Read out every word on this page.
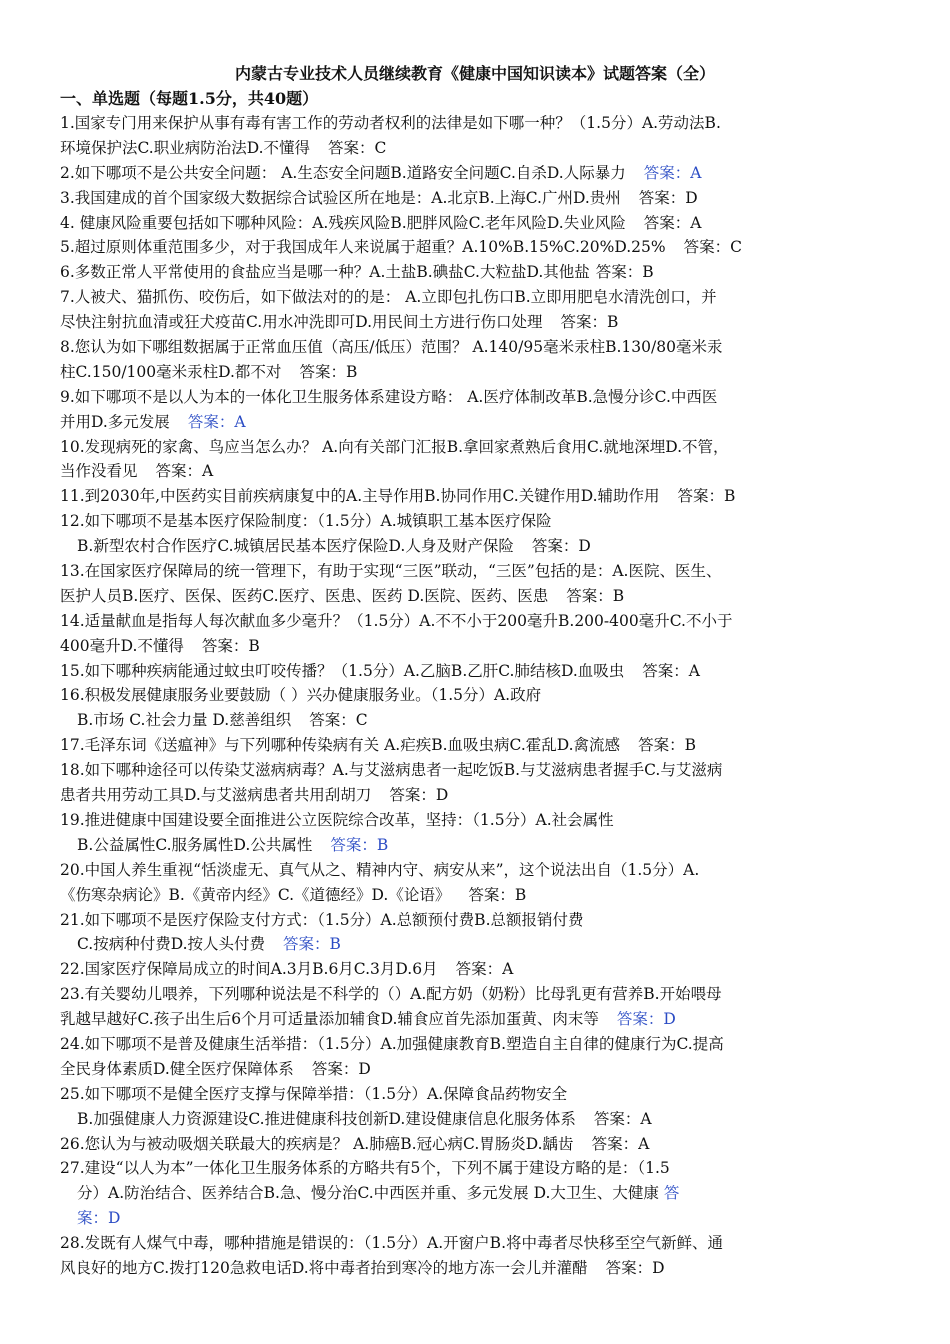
内蒙古专业技术人员继续教育《健康中国知识读本》试题答案（全）
一、单选题（每题1.5分，共40题）
1.国家专门用来保护从事有毒有害工作的劳动者权利的法律是如下哪一种？（1.5分）A.劳动法B.
环境保护法C.职业病防治法D.不懂得 答案：C
2.如下哪项不是公共安全问题： A.生态安全问题B.道路安全问题C.自杀D.人际暴力 答案：A
3.我国建成的首个国家级大数据综合试验区所在地是：A.北京B.上海C.广州D.贵州 答案：D
4. 健康风险重要包括如下哪种风险：A.残疾风险B.肥胖风险C.老年风险D.失业风险 答案：A
5.超过原则体重范围多少，对于我国成年人来说属于超重？A.10%B.15%C.20%D.25% 答案：C
6.多数正常人平常使用的食盐应当是哪一种？A.土盐B.碘盐C.大粒盐D.其他盐 答案：B
7.人被犬、猫抓伤、咬伤后，如下做法对的的是： A.立即包扎伤口B.立即用肥皂水清洗创口，并
尽快注射抗血清或狂犬疫苗C.用水冲洗即可D.用民间土方进行伤口处理 答案：B
8.您认为如下哪组数据属于正常血压值（高压/低压）范围？ A.140/95毫米汞柱B.130/80毫米汞
柱C.150/100毫米汞柱D.都不对 答案：B
9.如下哪项不是以人为本的一体化卫生服务体系建设方略： A.医疗体制改革B.急慢分诊C.中西医
并用D.多元发展 答案：A
10.发现病死的家禽、鸟应当怎么办？ A.向有关部门汇报B.拿回家煮熟后食用C.就地深埋D.不管，
当作没看见 答案：A
11.到2030年,中医药实目前疾病康复中的A.主导作用B.协同作用C.关键作用D.辅助作用 答案：B
12.如下哪项不是基本医疗保险制度：（1.5分）A.城镇职工基本医疗保险
B.新型农村合作医疗C.城镇居民基本医疗保险D.人身及财产保险 答案：D
13.在国家医疗保障局的统一管理下，有助于实现“三医”联动，“三医”包括的是：A.医院、医生、
医护人员B.医疗、医保、医药C.医疗、医患、医药 D.医院、医药、医患 答案：B
14.适量献血是指每人每次献血多少毫升？（1.5分）A.不不小于200毫升B.200-400毫升C.不小于
400毫升D.不懂得 答案：B
15.如下哪种疾病能通过蚊虫叮咬传播？（1.5分）A.乙脑B.乙肝C.肺结核D.血吸虫 答案：A
16.积极发展健康服务业要鼓励（ ）兴办健康服务业。（1.5分）A.政府
B.市场 C.社会力量 D.慈善组织 答案：C
17.毛泽东词《送瘟神》与下列哪种传染病有关 A.疟疾B.血吸虫病C.霍乱D.禽流感 答案：B
18.如下哪种途径可以传染艾滋病病毒？A.与艾滋病患者一起吃饭B.与艾滋病患者握手C.与艾滋病
患者共用劳动工具D.与艾滋病患者共用刮胡刀 答案：D
19.推进健康中国建设要全面推进公立医院综合改革，坚持：（1.5分）A.社会属性
B.公益属性C.服务属性D.公共属性 答案：B
20.中国人养生重视“恬淡虚无、真气从之、精神内守、病安从来”，这个说法出自（1.5分）A.
《伤寒杂病论》B.《黄帝内经》C.《道德经》D.《论语》 答案：B
21.如下哪项不是医疗保险支付方式：（1.5分）A.总额预付费B.总额报销付费
C.按病种付费D.按人头付费 答案：B
22.国家医疗保障局成立的时间A.3月B.6月C.3月D.6月 答案：A
23.有关婴幼儿喂养，下列哪种说法是不科学的（）A.配方奶（奶粉）比母乳更有营养B.开始喂母
乳越早越好C.孩子出生后6个月可适量添加辅食D.辅食应首先添加蛋黄、肉末等 答案：D
24.如下哪项不是普及健康生活举措：（1.5分）A.加强健康教育B.塑造自主自律的健康行为C.提高
全民身体素质D.健全医疗保障体系 答案：D
25.如下哪项不是健全医疗支撑与保障举措：（1.5分）A.保障食品药物安全
B.加强健康人力资源建设C.推进健康科技创新D.建设健康信息化服务体系 答案：A
26.您认为与被动吸烟关联最大的疾病是？ A.肺癌B.冠心病C.胃肠炎D.龋齿 答案：A
27.建设“以人为本”一体化卫生服务体系的方略共有5个，下列不属于建设方略的是：（1.5
分）A.防治结合、医养结合B.急、慢分治C.中西医并重、多元发展 D.大卫生、大健康 答
案：D
28.发既有人煤气中毒，哪种措施是错误的：（1.5分）A.开窗户B.将中毒者尽快移至空气新鲜、通
风良好的地方C.拨打120急救电话D.将中毒者抬到寒冷的地方冻一会儿并灌醋 答案：D
